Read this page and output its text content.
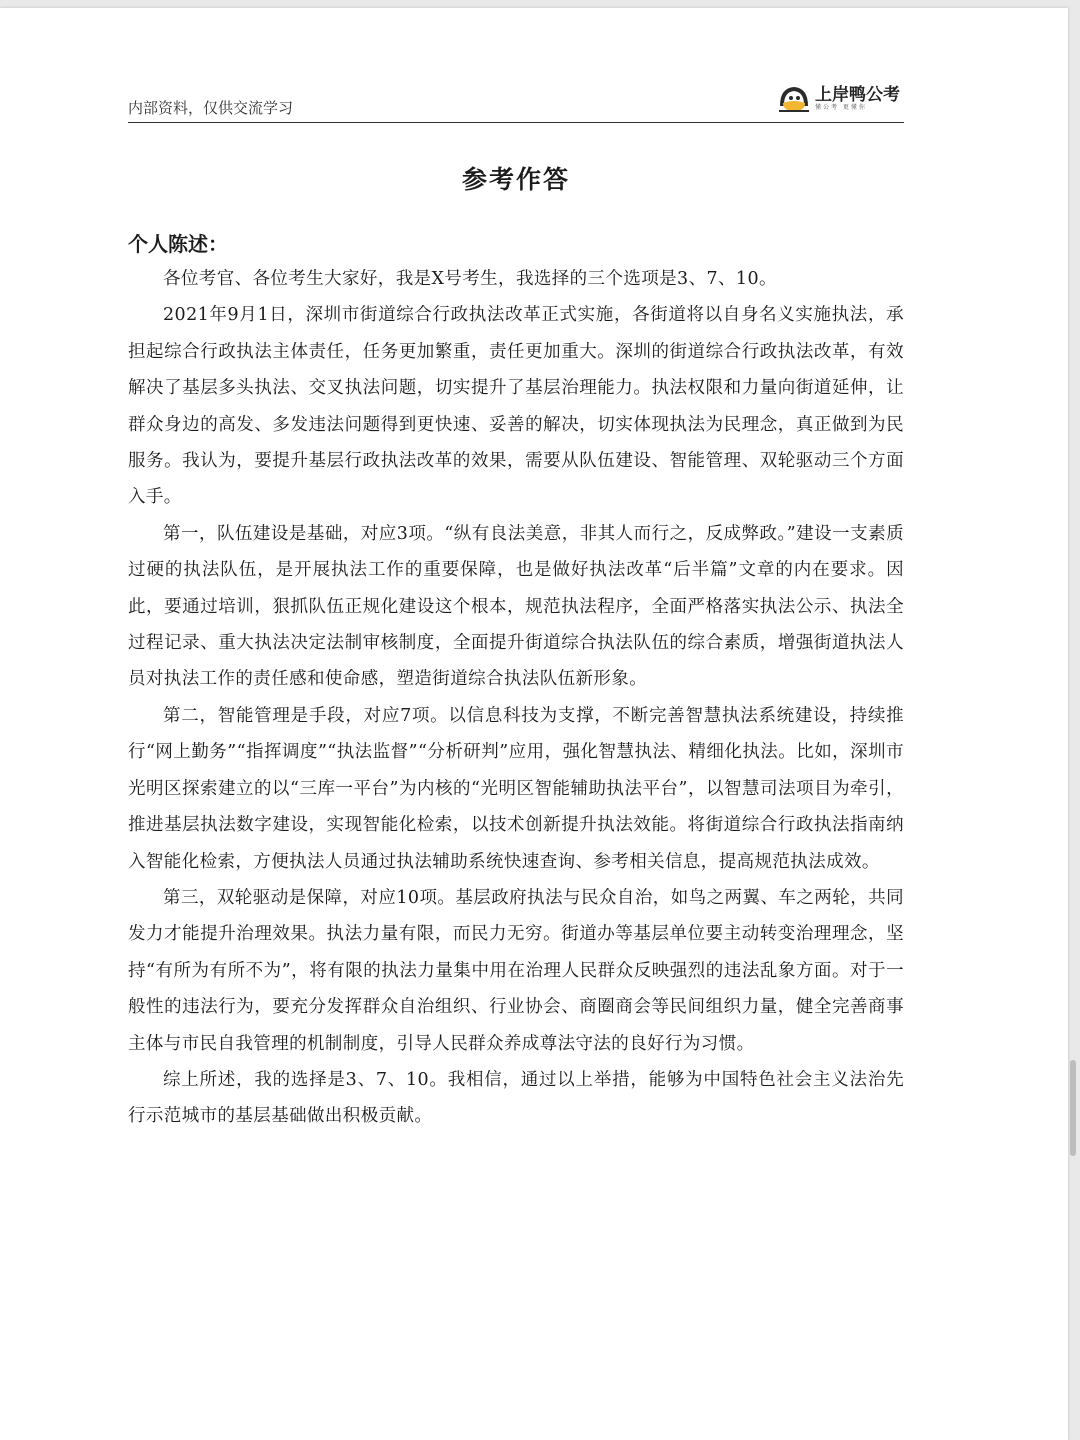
内部资料，仅供交流学习
上岸鸭公考
懂公考 更懂你
参考作答
个人陈述：

各位考官、各位考生大家好，我是X号考生，我选择的三个选项是3、7、10。

2021年9月1日，深圳市街道综合行政执法改革正式实施，各街道将以自身名义实施执法，承担起综合行政执法主体责任，任务更加繁重，责任更加重大。深圳的街道综合行政执法改革，有效解决了基层多头执法、交叉执法问题，切实提升了基层治理能力。执法权限和力量向街道延伸，让群众身边的高发、多发违法问题得到更快速、妥善的解决，切实体现执法为民理念，真正做到为民服务。我认为，要提升基层行政执法改革的效果，需要从队伍建设、智能管理、双轮驱动三个方面入手。

第一，队伍建设是基础，对应3项。“纵有良法美意，非其人而行之，反成弊政。”建设一支素质过硬的执法队伍，是开展执法工作的重要保障，也是做好执法改革“后半篇”文章的内在要求。因此，要通过培训，狠抓队伍正规化建设这个根本，规范执法程序，全面严格落实执法公示、执法全过程记录、重大执法决定法制审核制度，全面提升街道综合执法队伍的综合素质，增强街道执法人员对执法工作的责任感和使命感，塑造街道综合执法队伍新形象。

第二，智能管理是手段，对应7项。以信息科技为支撑，不断完善智慧执法系统建设，持续推行“网上勤务”“指挥调度”“执法监督”“分析研判”应用，强化智慧执法、精细化执法。比如，深圳市光明区探索建立的以“三库一平台”为内核的“光明区智能辅助执法平台”，以智慧司法项目为牵引，推进基层执法数字建设，实现智能化检索，以技术创新提升执法效能。将街道综合行政执法指南纳入智能化检索，方便执法人员通过执法辅助系统快速查询、参考相关信息，提高规范执法成效。

第三，双轮驱动是保障，对应10项。基层政府执法与民众自治，如鸟之两翼、车之两轮，共同发力才能提升治理效果。执法力量有限，而民力无穷。街道办等基层单位要主动转变治理理念，坚持“有所为有所不为”，将有限的执法力量集中用在治理人民群众反映强烈的违法乱象方面。对于一般性的违法行为，要充分发挥群众自治组织、行业协会、商圈商会等民间组织力量，健全完善商事主体与市民自我管理的机制制度，引导人民群众养成尊法守法的良好行为习惯。

综上所述，我的选择是3、7、10。我相信，通过以上举措，能够为中国特色社会主义法治先行示范城市的基层基础做出积极贡献。
